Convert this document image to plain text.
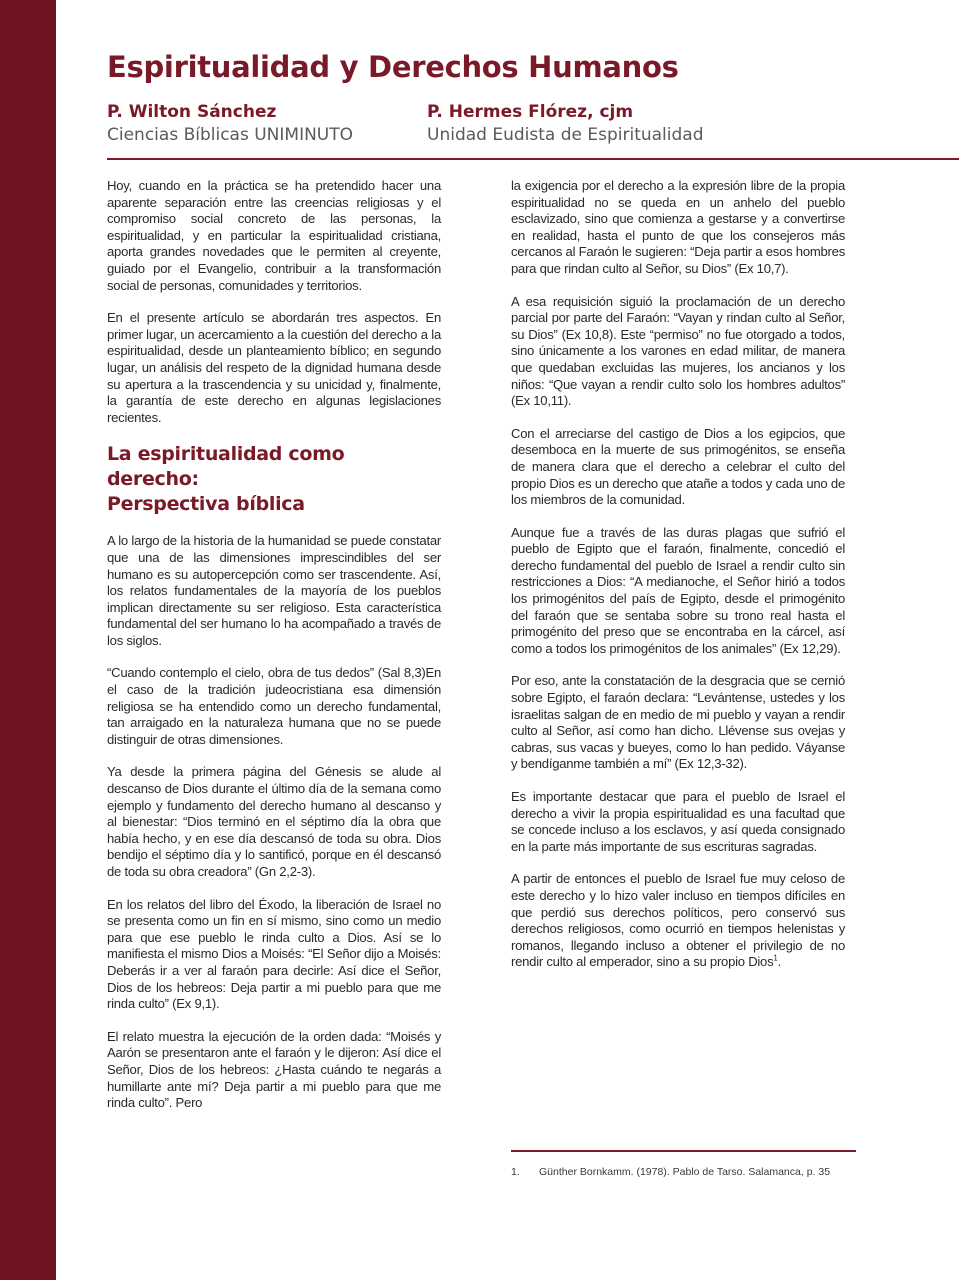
Espiritualidad y Derechos Humanos
P. Wilton Sánchez
Ciencias Bíblicas UNIMINUTO
P. Hermes Flórez, cjm
Unidad Eudista de Espiritualidad

Hoy, cuando en la práctica se ha pretendido hacer una aparente separación entre las creencias religiosas y el compromiso social concreto de las personas, la espiritualidad, y en particular la espiritualidad cristiana, aporta grandes novedades que le permiten al creyente, guiado por el Evangelio, contribuir a la transformación social de personas, comunidades y territorios.

En el presente artículo se abordarán tres aspectos. En primer lugar, un acercamiento a la cuestión del derecho a la espiritualidad, desde un planteamiento bíblico; en segundo lugar, un análisis del respeto de la dignidad humana desde su apertura a la trascendencia y su unicidad y, finalmente, la garantía de este derecho en algunas legislaciones recientes.

La espiritualidad como derecho:
Perspectiva bíblica

A lo largo de la historia de la humanidad se puede constatar que una de las dimensiones imprescindibles del ser humano es su autopercepción como ser trascendente. Así, los relatos fundamentales de la mayoría de los pueblos implican directamente su ser religioso. Esta característica fundamental del ser humano lo ha acompañado a través de los siglos.

“Cuando contemplo el cielo, obra de tus dedos” (Sal 8,3)En el caso de la tradición judeocristiana esa dimensión religiosa se ha entendido como un derecho fundamental, tan arraigado en la naturaleza humana que no se puede distinguir de otras dimensiones.

Ya desde la primera página del Génesis se alude al descanso de Dios durante el último día de la semana como ejemplo y fundamento del derecho humano al descanso y al bienestar: “Dios terminó en el séptimo día la obra que había hecho, y en ese día descansó de toda su obra. Dios bendijo el séptimo día y lo santificó, porque en él descansó de toda su obra creadora” (Gn 2,2-3).

En los relatos del libro del Éxodo, la liberación de Israel no se presenta como un fin en sí mismo, sino como un medio para que ese pueblo le rinda culto a Dios. Así se lo manifiesta el mismo Dios a Moisés: “El Señor dijo a Moisés: Deberás ir a ver al faraón para decirle: Así dice el Señor, Dios de los hebreos: Deja partir a mi pueblo para que me rinda culto” (Ex 9,1).

El relato muestra la ejecución de la orden dada: “Moisés y Aarón se presentaron ante el faraón y le dijeron: Así dice el Señor, Dios de los hebreos: ¿Hasta cuándo te negarás a humillarte ante mí? Deja partir a mi pueblo para que me rinda culto”. Pero

la exigencia por el derecho a la expresión libre de la propia espiritualidad no se queda en un anhelo del pueblo esclavizado, sino que comienza a gestarse y a convertirse en realidad, hasta el punto de que los consejeros más cercanos al Faraón le sugieren: “Deja partir a esos hombres para que rindan culto al Señor, su Dios” (Ex 10,7).

A esa requisición siguió la proclamación de un derecho parcial por parte del Faraón: “Vayan y rindan culto al Señor, su Dios” (Ex 10,8). Este “permiso” no fue otorgado a todos, sino únicamente a los varones en edad militar, de manera que quedaban excluidas las mujeres, los ancianos y los niños: “Que vayan a rendir culto solo los hombres adultos” (Ex 10,11).

Con el arreciarse del castigo de Dios a los egipcios, que desemboca en la muerte de sus primogénitos, se enseña de manera clara que el derecho a celebrar el culto del propio Dios es un derecho que atañe a todos y cada uno de los miembros de la comunidad.

Aunque fue a través de las duras plagas que sufrió el pueblo de Egipto que el faraón, finalmente, concedió el derecho fundamental del pueblo de Israel a rendir culto sin restricciones a Dios: “A medianoche, el Señor hirió a todos los primogénitos del país de Egipto, desde el primogénito del faraón que se sentaba sobre su trono real hasta el primogénito del preso que se encontraba en la cárcel, así como a todos los primogénitos de los animales” (Ex 12,29).

Por eso, ante la constatación de la desgracia que se cernió sobre Egipto, el faraón declara: “Levántense, ustedes y los israelitas salgan de en medio de mi pueblo y vayan a rendir culto al Señor, así como han dicho. Llévense sus ovejas y cabras, sus vacas y bueyes, como lo han pedido. Váyanse y bendíganme también a mí” (Ex 12,3-32).

Es importante destacar que para el pueblo de Israel el derecho a vivir la propia espiritualidad es una facultad que se concede incluso a los esclavos, y así queda consignado en la parte más importante de sus escrituras sagradas.

A partir de entonces el pueblo de Israel fue muy celoso de este derecho y lo hizo valer incluso en tiempos difíciles en que perdió sus derechos políticos, pero conservó sus derechos religiosos, como ocurrió en tiempos helenistas y romanos, llegando incluso a obtener el privilegio de no rendir culto al emperador, sino a su propio Dios$^1$.

1.	Günther Bornkamm. (1978). Pablo de Tarso. Salamanca, p. 35
